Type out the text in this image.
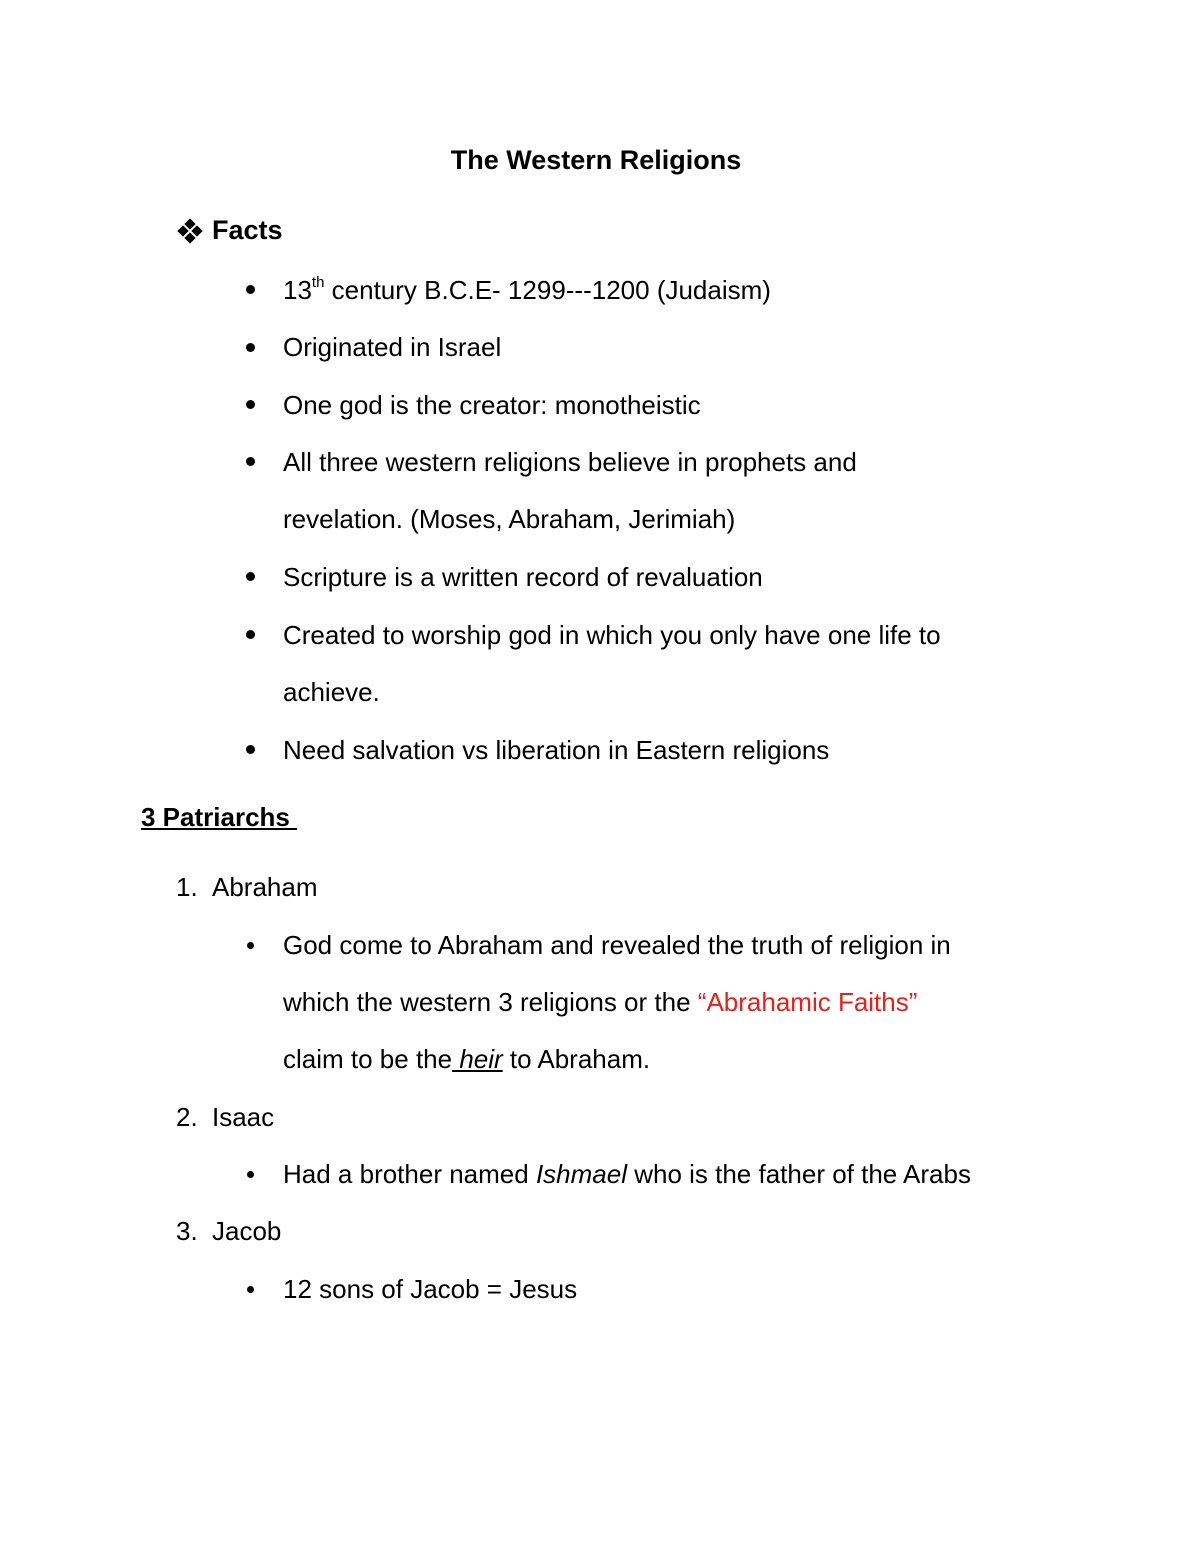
The Western Religions
Facts
13th century B.C.E- 1299---1200 (Judaism)
Originated in Israel
One god is the creator: monotheistic
All three western religions believe in prophets and
revelation. (Moses, Abraham, Jerimiah)
Scripture is a written record of revaluation
Created to worship god in which you only have one life to
achieve.
Need salvation vs liberation in Eastern religions
3 Patriarchs
1. Abraham
God come to Abraham and revealed the truth of religion in
which the western 3 religions or the “Abrahamic Faiths”
claim to be the heir to Abraham.
2. Isaac
Had a brother named Ishmael who is the father of the Arabs
3. Jacob
12 sons of Jacob = Jesus
